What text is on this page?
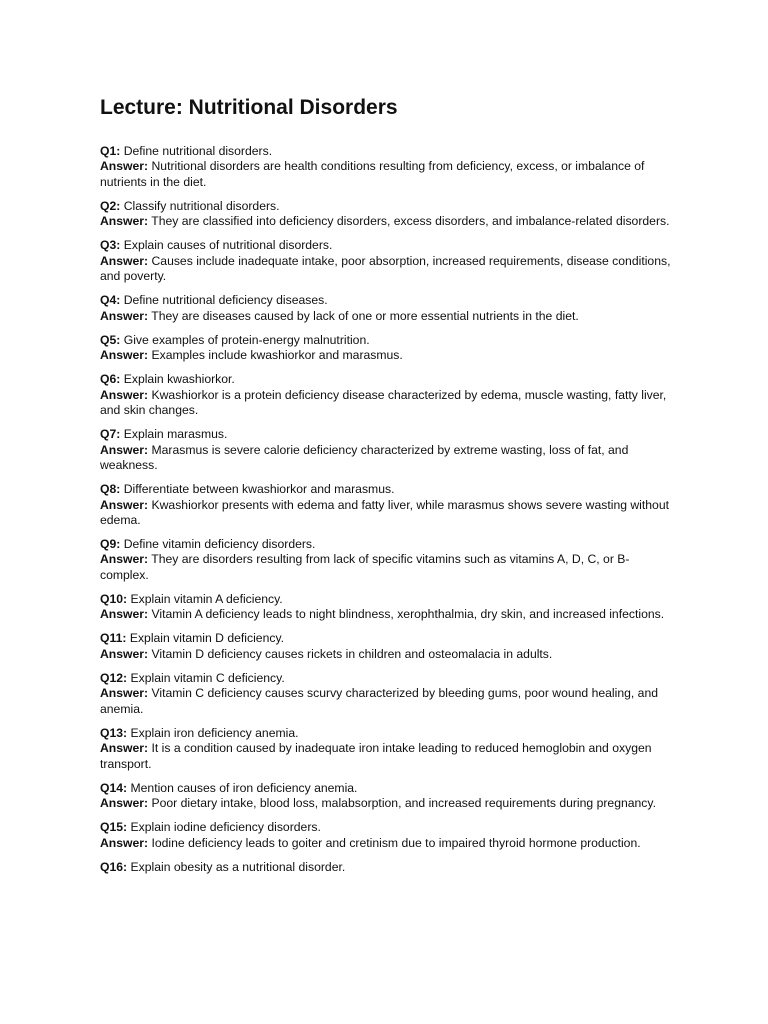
Lecture: Nutritional Disorders
Q1: Define nutritional disorders.
Answer: Nutritional disorders are health conditions resulting from deficiency, excess, or imbalance of nutrients in the diet.
Q2: Classify nutritional disorders.
Answer: They are classified into deficiency disorders, excess disorders, and imbalance-related disorders.
Q3: Explain causes of nutritional disorders.
Answer: Causes include inadequate intake, poor absorption, increased requirements, disease conditions, and poverty.
Q4: Define nutritional deficiency diseases.
Answer: They are diseases caused by lack of one or more essential nutrients in the diet.
Q5: Give examples of protein-energy malnutrition.
Answer: Examples include kwashiorkor and marasmus.
Q6: Explain kwashiorkor.
Answer: Kwashiorkor is a protein deficiency disease characterized by edema, muscle wasting, fatty liver, and skin changes.
Q7: Explain marasmus.
Answer: Marasmus is severe calorie deficiency characterized by extreme wasting, loss of fat, and weakness.
Q8: Differentiate between kwashiorkor and marasmus.
Answer: Kwashiorkor presents with edema and fatty liver, while marasmus shows severe wasting without edema.
Q9: Define vitamin deficiency disorders.
Answer: They are disorders resulting from lack of specific vitamins such as vitamins A, D, C, or B-complex.
Q10: Explain vitamin A deficiency.
Answer: Vitamin A deficiency leads to night blindness, xerophthalmia, dry skin, and increased infections.
Q11: Explain vitamin D deficiency.
Answer: Vitamin D deficiency causes rickets in children and osteomalacia in adults.
Q12: Explain vitamin C deficiency.
Answer: Vitamin C deficiency causes scurvy characterized by bleeding gums, poor wound healing, and anemia.
Q13: Explain iron deficiency anemia.
Answer: It is a condition caused by inadequate iron intake leading to reduced hemoglobin and oxygen transport.
Q14: Mention causes of iron deficiency anemia.
Answer: Poor dietary intake, blood loss, malabsorption, and increased requirements during pregnancy.
Q15: Explain iodine deficiency disorders.
Answer: Iodine deficiency leads to goiter and cretinism due to impaired thyroid hormone production.
Q16: Explain obesity as a nutritional disorder.
